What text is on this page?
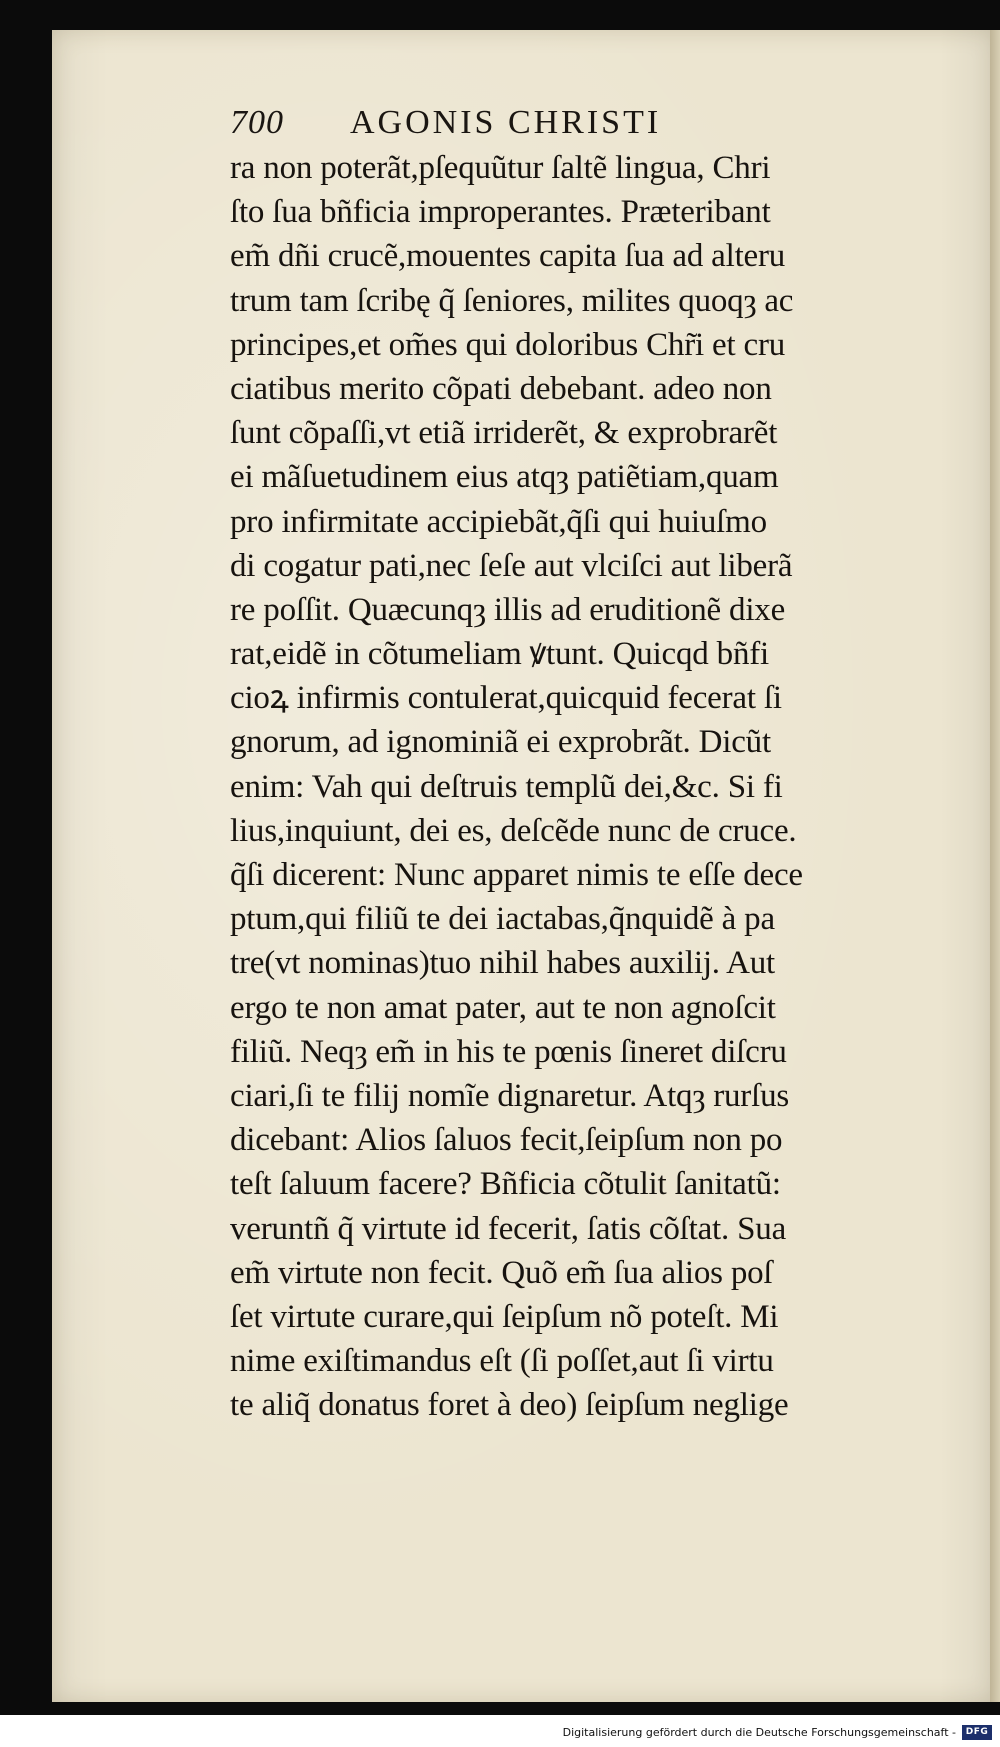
700 AGONIS CHRISTI
ra non poterãt,pſequũtur ſaltẽ lingua, Chri
ſto ſua bñficia improperantes. Præteribant
em̃ dñi crucẽ,mouentes capita ſua ad alteru
trum tam ſcribę q̃ ſeniores, milites quoqȝ ac
principes,et om̃es qui doloribus Chr̃i et cru
ciatibus merito cõpati debebant. adeo non
ſunt cõpaſſi,vt etiã irriderẽt, & exprobrarẽt
ei mãſuetudinem eius atqȝ patiẽtiam,quam
pro infirmitate accipiebãt,q̃ſi qui huiuſmo
di cogatur pati,nec ſeſe aut vlciſci aut liberã
re poſſit. Quæcunqȝ illis ad eruditionẽ dixe
rat,eidẽ in cõtumeliam ꝟtunt. Quicqd bñfi
cioꝝ infirmis contulerat,quicquid fecerat ſi
gnorum, ad ignominiã ei exprobrãt. Dicũt
enim: Vah qui deſtruis templũ dei,&c. Si fi
lius,inquiunt, dei es, deſcẽde nunc de cruce.
q̃ſi dicerent: Nunc apparet nimis te eſſe dece
ptum,qui filiũ te dei iactabas,q̃nquidẽ à pa
tre(vt nominas)tuo nihil habes auxilij. Aut
ergo te non amat pater, aut te non agnoſcit
filiũ. Neqȝ em̃ in his te pœnis ſineret diſcru
ciari,ſi te filij nomĩe dignaretur. Atqȝ rurſus
dicebant: Alios ſaluos fecit,ſeipſum non po
teſt ſaluum facere? Bñficia cõtulit ſanitatũ:
veruntñ q̃ virtute id fecerit, ſatis cõſtat. Sua
em̃ virtute non fecit. Quõ em̃ ſua alios poſ
ſet virtute curare,qui ſeipſum nõ poteſt. Mi
nime exiſtimandus eſt (ſi poſſet,aut ſi virtu
te aliq̃ donatus foret à deo) ſeipſum neglige
Digitalisierung gefördert durch die Deutsche Forschungsgemeinschaft -	DFG
